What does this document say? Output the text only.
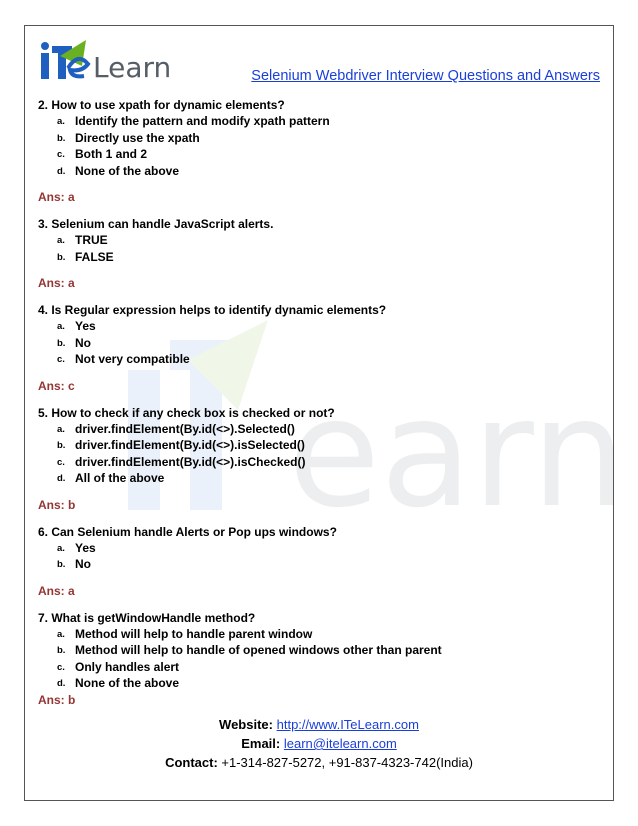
earn
Learn	Selenium Webdriver Interview Questions and Answers

2. How to use xpath for dynamic elements?

a. Identify the pattern and modify xpath pattern
b. Directly use the xpath
c. Both 1 and 2
d. None of the above

Ans: a

3. Selenium can handle JavaScript alerts.

a. TRUE
b. FALSE

Ans: a

4. Is Regular expression helps to identify dynamic elements?

a. Yes
b. No
c. Not very compatible

Ans: c

5. How to check if any check box is checked or not?

a. driver.findElement(By.id(<>).Selected()
b. driver.findElement(By.id(<>).isSelected()
c. driver.findElement(By.id(<>).isChecked()
d. All of the above

Ans: b

6. Can Selenium handle Alerts or Pop ups windows?

a. Yes
b. No

Ans: a

7. What is getWindowHandle method?

a. Method will help to handle parent window
b. Method will help to handle of opened windows other than parent
c. Only handles alert
d. None of the above

Ans: b

Website: http://www.ITeLearn.com
Email: learn@itelearn.com
Contact: +1-314-827-5272, +91-837-4323-742(India)
